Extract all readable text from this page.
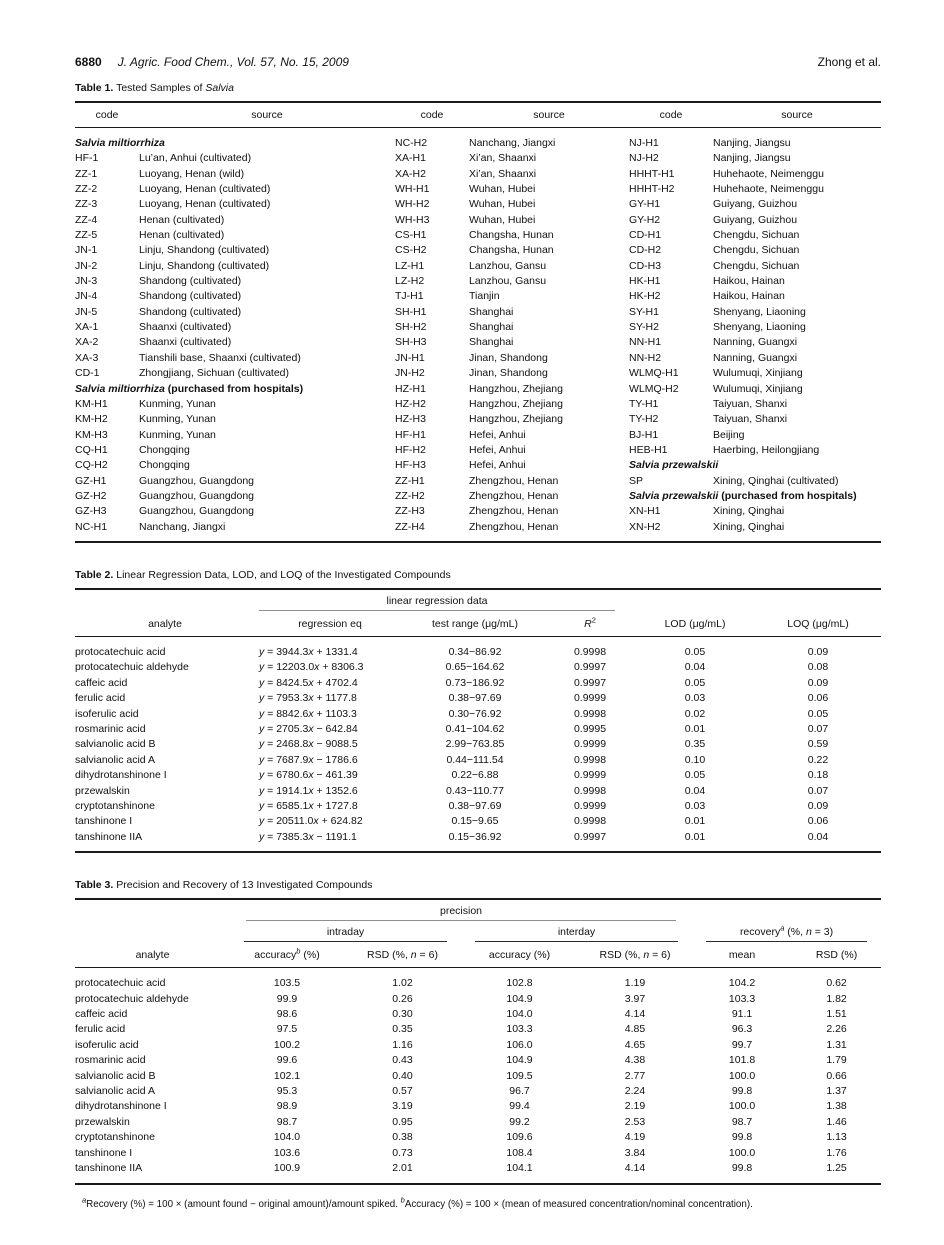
6880 J. Agric. Food Chem., Vol. 57, No. 15, 2009	Zhong et al.
Table 1. Tested Samples of Salvia
code	source	code	source	code	source
Salvia miltiorrhiza		NC-H2	Nanchang, Jiangxi	NJ-H1	Nanjing, Jiangsu
HF-1	Lu’an, Anhui (cultivated)	XA-H1	Xi’an, Shaanxi	NJ-H2	Nanjing, Jiangsu
ZZ-1	Luoyang, Henan (wild)	XA-H2	Xi’an, Shaanxi	HHHT-H1	Huhehaote, Neimenggu
ZZ-2	Luoyang, Henan (cultivated)	WH-H1	Wuhan, Hubei	HHHT-H2	Huhehaote, Neimenggu
ZZ-3	Luoyang, Henan (cultivated)	WH-H2	Wuhan, Hubei	GY-H1	Guiyang, Guizhou
ZZ-4	Henan (cultivated)	WH-H3	Wuhan, Hubei	GY-H2	Guiyang, Guizhou
ZZ-5	Henan (cultivated)	CS-H1	Changsha, Hunan	CD-H1	Chengdu, Sichuan
JN-1	Linju, Shandong (cultivated)	CS-H2	Changsha, Hunan	CD-H2	Chengdu, Sichuan
JN-2	Linju, Shandong (cultivated)	LZ-H1	Lanzhou, Gansu	CD-H3	Chengdu, Sichuan
JN-3	Shandong (cultivated)	LZ-H2	Lanzhou, Gansu	HK-H1	Haikou, Hainan
JN-4	Shandong (cultivated)	TJ-H1	Tianjin	HK-H2	Haikou, Hainan
JN-5	Shandong (cultivated)	SH-H1	Shanghai	SY-H1	Shenyang, Liaoning
XA-1	Shaanxi (cultivated)	SH-H2	Shanghai	SY-H2	Shenyang, Liaoning
XA-2	Shaanxi (cultivated)	SH-H3	Shanghai	NN-H1	Nanning, Guangxi
XA-3	Tianshili base, Shaanxi (cultivated)	JN-H1	Jinan, Shandong	NN-H2	Nanning, Guangxi
CD-1	Zhongjiang, Sichuan (cultivated)	JN-H2	Jinan, Shandong	WLMQ-H1	Wulumuqi, Xinjiang
Salvia miltiorrhiza (purchased from hospitals)		HZ-H1	Hangzhou, Zhejiang	WLMQ-H2	Wulumuqi, Xinjiang
KM-H1	Kunming, Yunan	HZ-H2	Hangzhou, Zhejiang	TY-H1	Taiyuan, Shanxi
KM-H2	Kunming, Yunan	HZ-H3	Hangzhou, Zhejiang	TY-H2	Taiyuan, Shanxi
KM-H3	Kunming, Yunan	HF-H1	Hefei, Anhui	BJ-H1	Beijing
CQ-H1	Chongqing	HF-H2	Hefei, Anhui	HEB-H1	Haerbing, Heilongjiang
CQ-H2	Chongqing	HF-H3	Hefei, Anhui	Salvia przewalskii	
GZ-H1	Guangzhou, Guangdong	ZZ-H1	Zhengzhou, Henan	SP	Xining, Qinghai (cultivated)
GZ-H2	Guangzhou, Guangdong	ZZ-H2	Zhengzhou, Henan	Salvia przewalskii (purchased from hospitals)	
GZ-H3	Guangzhou, Guangdong	ZZ-H3	Zhengzhou, Henan	XN-H1	Xining, Qinghai
NC-H1	Nanchang, Jiangxi	ZZ-H4	Zhengzhou, Henan	XN-H2	Xining, Qinghai
Table 2. Linear Regression Data, LOD, and LOQ of the Investigated Compounds

	linear regression data				

analyte	regression eq	test range (μg/mL)	$R^2$	LOD (μg/mL)	LOQ (μg/mL)
protocatechuic acid	y = 3944.3x + 1331.4	0.34−86.92	0.9998	0.05	0.09
protocatechuic aldehyde	y = 12203.0x + 8306.3	0.65−164.62	0.9997	0.04	0.08
caffeic acid	y = 8424.5x + 4702.4	0.73−186.92	0.9997	0.05	0.09
ferulic acid	y = 7953.3x + 1177.8	0.38−97.69	0.9999	0.03	0.06
isoferulic acid	y = 8842.6x + 1103.3	0.30−76.92	0.9998	0.02	0.05
rosmarinic acid	y = 2705.3x − 642.84	0.41−104.62	0.9995	0.01	0.07
salvianolic acid B	y = 2468.8x − 9088.5	2.99−763.85	0.9999	0.35	0.59
salvianolic acid A	y = 7687.9x − 1786.6	0.44−111.54	0.9998	0.10	0.22
dihydrotanshinone I	y = 6780.6x − 461.39	0.22−6.88	0.9999	0.05	0.18
przewalskin	y = 1914.1x + 1352.6	0.43−110.77	0.9998	0.04	0.07
cryptotanshinone	y = 6585.1x + 1727.8	0.38−97.69	0.9999	0.03	0.09
tanshinone I	y = 20511.0x + 624.82	0.15−9.65	0.9998	0.01	0.06
tanshinone IIA	y = 7385.3x − 1191.1	0.15−36.92	0.9997	0.01	0.04
Table 3. Precision and Recovery of 13 Investigated Compounds

	precision					

	intraday		interday		recovery$^a$ (%, n = 3)	

analyte	accuracy$^b$ (%)	RSD (%, n = 6)	accuracy (%)	RSD (%, n = 6)	mean	RSD (%)
protocatechuic acid	103.5	1.02	102.8	1.19	104.2	0.62
protocatechuic aldehyde	99.9	0.26	104.9	3.97	103.3	1.82
caffeic acid	98.6	0.30	104.0	4.14	91.1	1.51
ferulic acid	97.5	0.35	103.3	4.85	96.3	2.26
isoferulic acid	100.2	1.16	106.0	4.65	99.7	1.31
rosmarinic acid	99.6	0.43	104.9	4.38	101.8	1.79
salvianolic acid B	102.1	0.40	109.5	2.77	100.0	0.66
salvianolic acid A	95.3	0.57	96.7	2.24	99.8	1.37
dihydrotanshinone I	98.9	3.19	99.4	2.19	100.0	1.38
przewalskin	98.7	0.95	99.2	2.53	98.7	1.46
cryptotanshinone	104.0	0.38	109.6	4.19	99.8	1.13
tanshinone I	103.6	0.73	108.4	3.84	100.0	1.76
tanshinone IIA	100.9	2.01	104.1	4.14	99.8	1.25
$^a$Recovery (%) = 100 × (amount found − original amount)/amount spiked. $^b$Accuracy (%) = 100 × (mean of measured concentration/nominal concentration).
